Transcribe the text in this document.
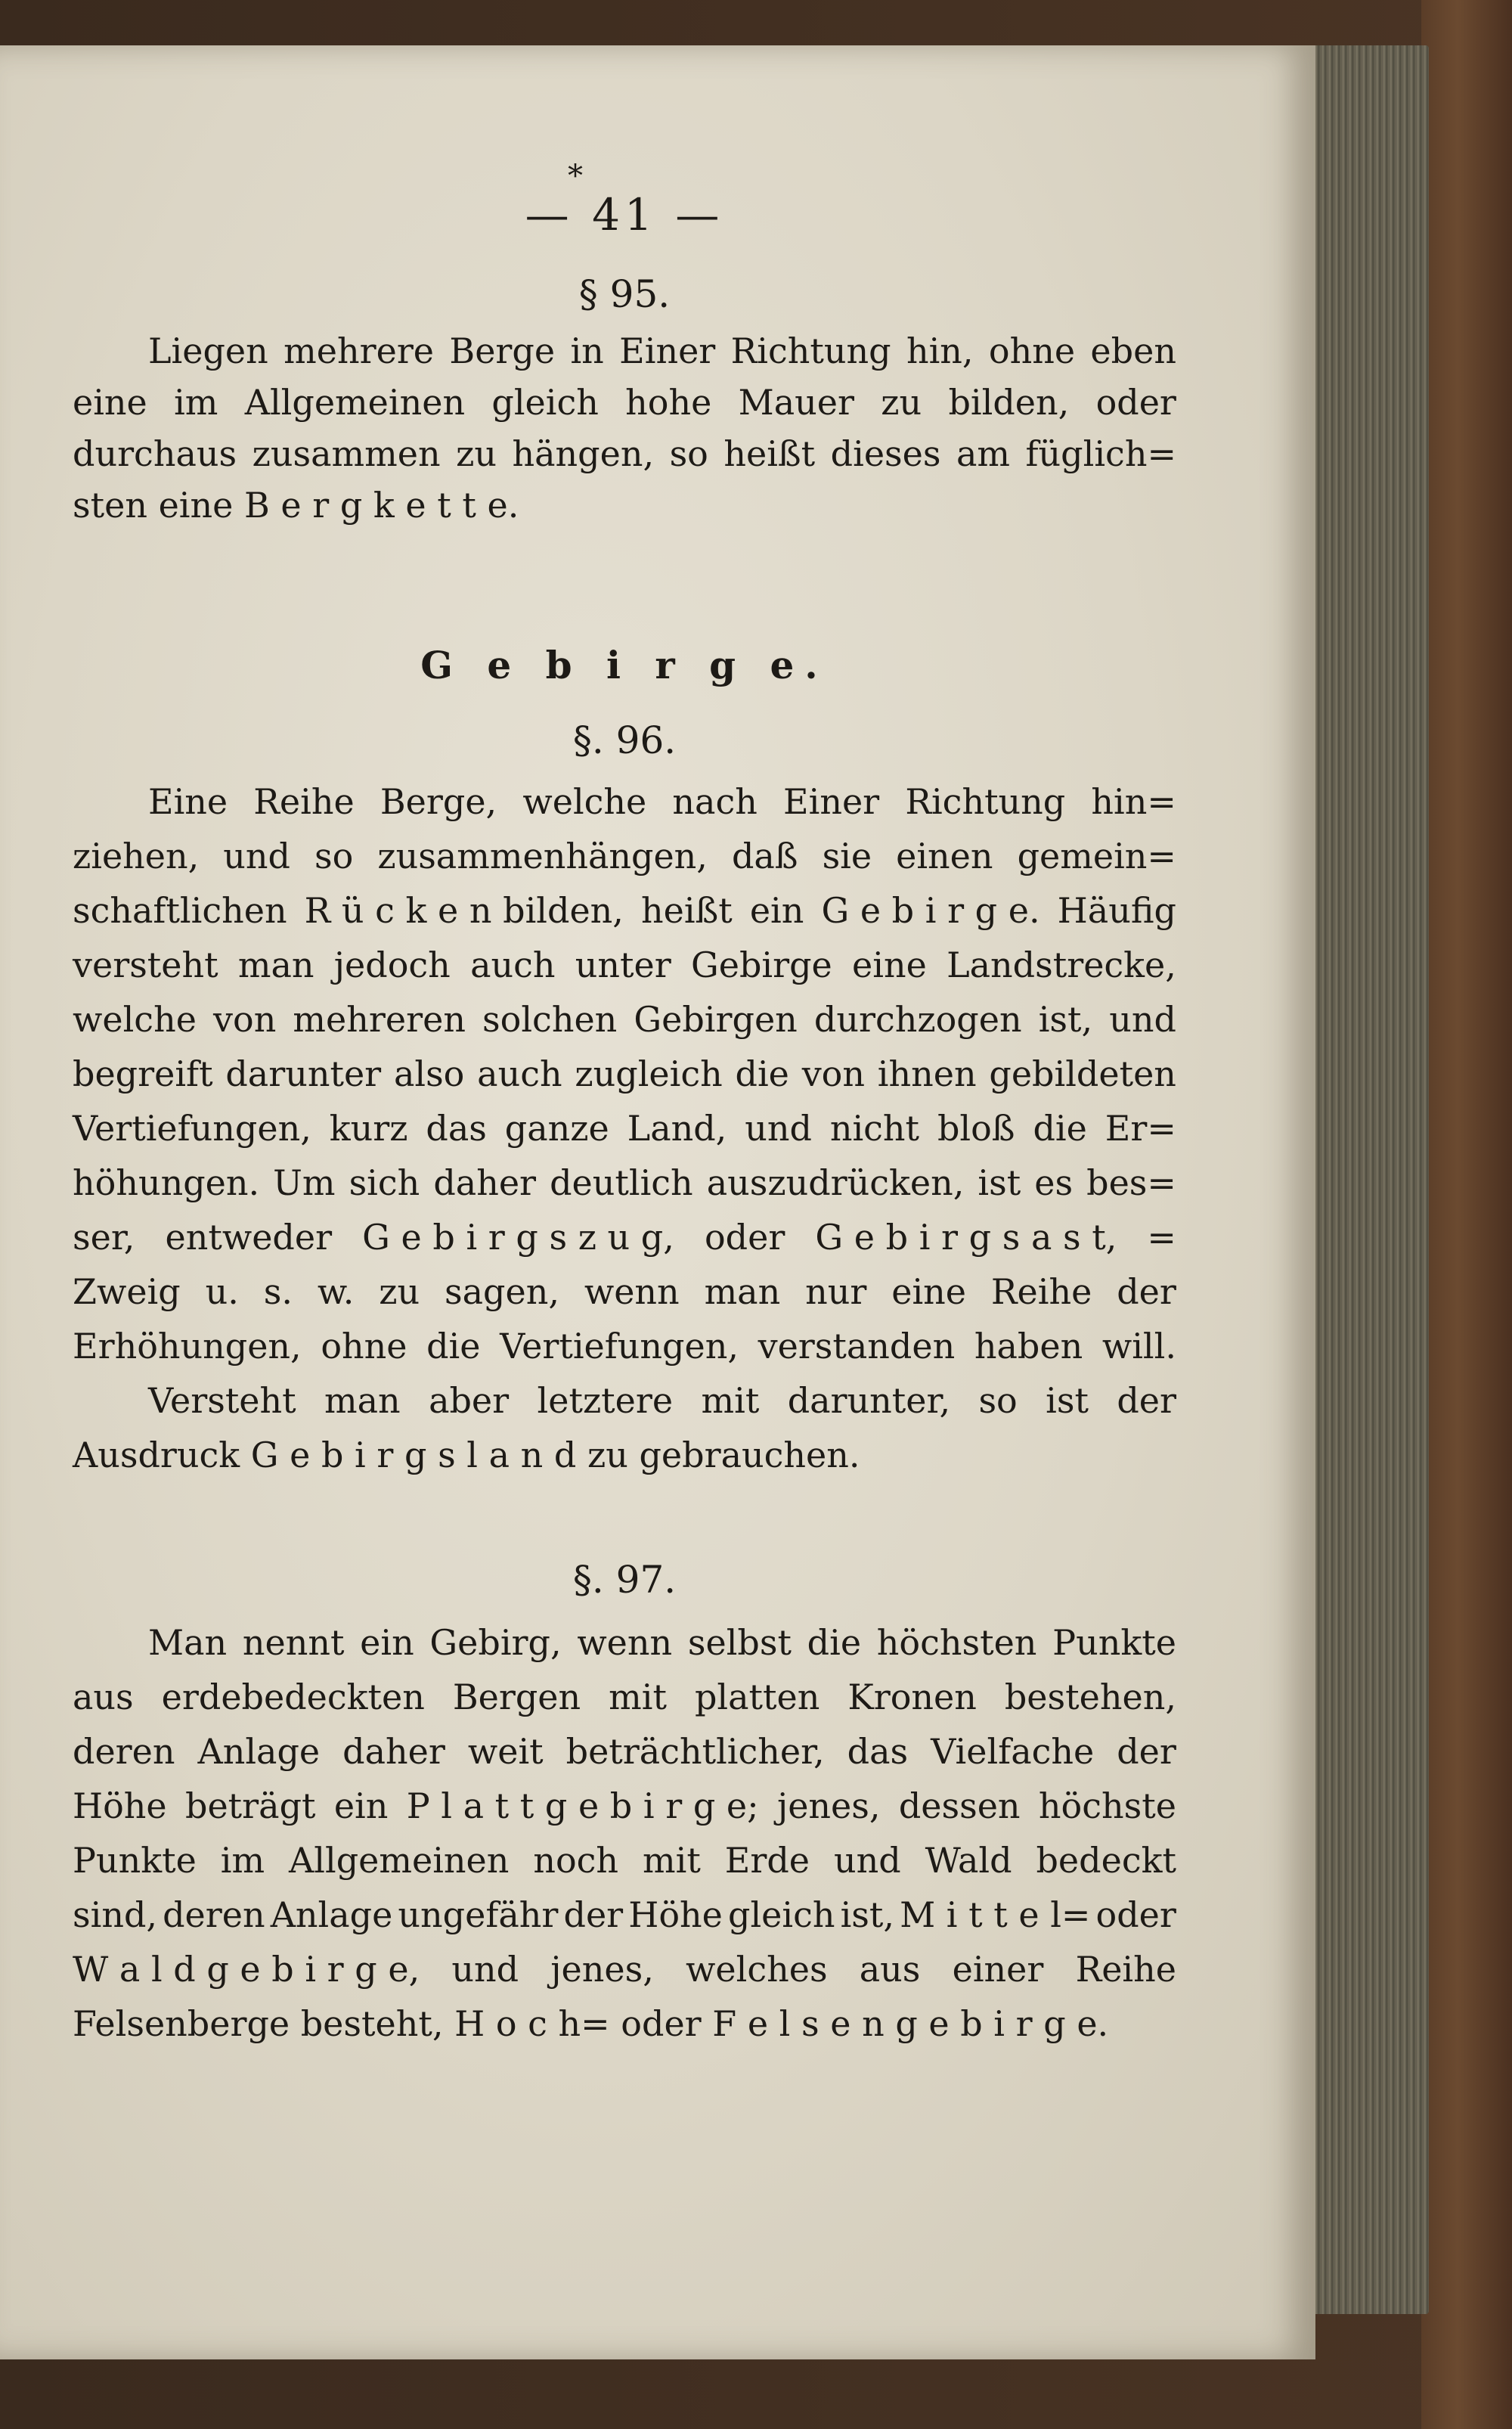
*
— 41 —
§ 95.
Liegen mehrere Berge in Einer Richtung hin, ohne eben
eine im Allgemeinen gleich hohe Mauer zu bilden, oder
durchaus zusammen zu hängen, so heißt dieses am füglich=
sten eine B e r g k e t t e.
G e b i r g e.
§. 96.
Eine Reihe Berge, welche nach Einer Richtung hin=
ziehen, und so zusammenhängen, daß sie einen gemein=
schaftlichen R ü c k e n bilden, heißt ein G e b i r g e. Häufig
versteht man jedoch auch unter Gebirge eine Landstrecke,
welche von mehreren solchen Gebirgen durchzogen ist, und
begreift darunter also auch zugleich die von ihnen gebildeten
Vertiefungen, kurz das ganze Land, und nicht bloß die Er=
höhungen. Um sich daher deutlich auszudrücken, ist es bes=
ser, entweder G e b i r g s z u g, oder G e b i r g s a s t, =
Zweig u. s. w. zu sagen, wenn man nur eine Reihe der
Erhöhungen, ohne die Vertiefungen, verstanden haben will.
Versteht man aber letztere mit darunter, so ist der
Ausdruck G e b i r g s l a n d zu gebrauchen.
§. 97.
Man nennt ein Gebirg, wenn selbst die höchsten Punkte
aus erdebedeckten Bergen mit platten Kronen bestehen,
deren Anlage daher weit beträchtlicher, das Vielfache der
Höhe beträgt ein P l a t t g e b i r g e; jenes, dessen höchste
Punkte im Allgemeinen noch mit Erde und Wald bedeckt
sind, deren Anlage ungefähr der Höhe gleich ist, M i t t e l= oder
W a l d g e b i r g e, und jenes, welches aus einer Reihe
Felsenberge besteht, H o c h= oder F e l s e n g e b i r g e.
